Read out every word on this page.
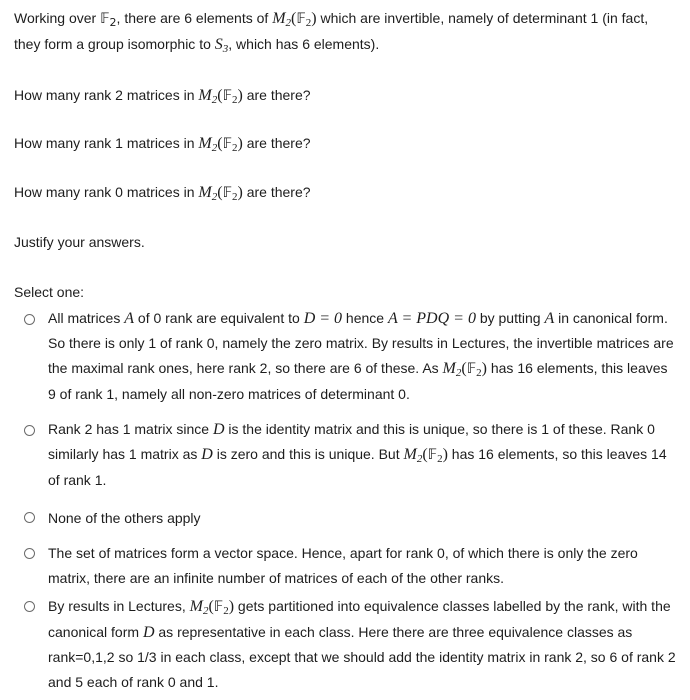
Working over 𝔽$_2$, there are 6 elements of $M_2(𝔽_2)$ which are invertible, namely of determinant 1 (in fact, they form a group isomorphic to $S_3$, which has 6 elements).

How many rank 2 matrices in $M_2(𝔽_2)$ are there?

How many rank 1 matrices in $M_2(𝔽_2)$ are there?

How many rank 0 matrices in $M_2(𝔽_2)$ are there?

Justify your answers.

Select one:

All matrices A of 0 rank are equivalent to D = 0 hence A = PDQ = 0 by putting A in canonical form. So there is only 1 of rank 0, namely the zero matrix. By results in Lectures, the invertible matrices are the maximal rank ones, here rank 2, so there are 6 of these. As $M_2(𝔽_2)$ has 16 elements, this leaves 9 of rank 1, namely all non-zero matrices of determinant 0.

Rank 2 has 1 matrix since D is the identity matrix and this is unique, so there is 1 of these. Rank 0 similarly has 1 matrix as D is zero and this is unique. But $M_2(𝔽_2)$ has 16 elements, so this leaves 14 of rank 1.

None of the others apply

The set of matrices form a vector space. Hence, apart for rank 0, of which there is only the zero matrix, there are an infinite number of matrices of each of the other ranks.

By results in Lectures, $M_2(𝔽_2)$ gets partitioned into equivalence classes labelled by the rank, with the canonical form D as representative in each class. Here there are three equivalence classes as rank=0,1,2 so 1/3 in each class, except that we should add the identity matrix in rank 2, so 6 of rank 2 and 5 each of rank 0 and 1.
